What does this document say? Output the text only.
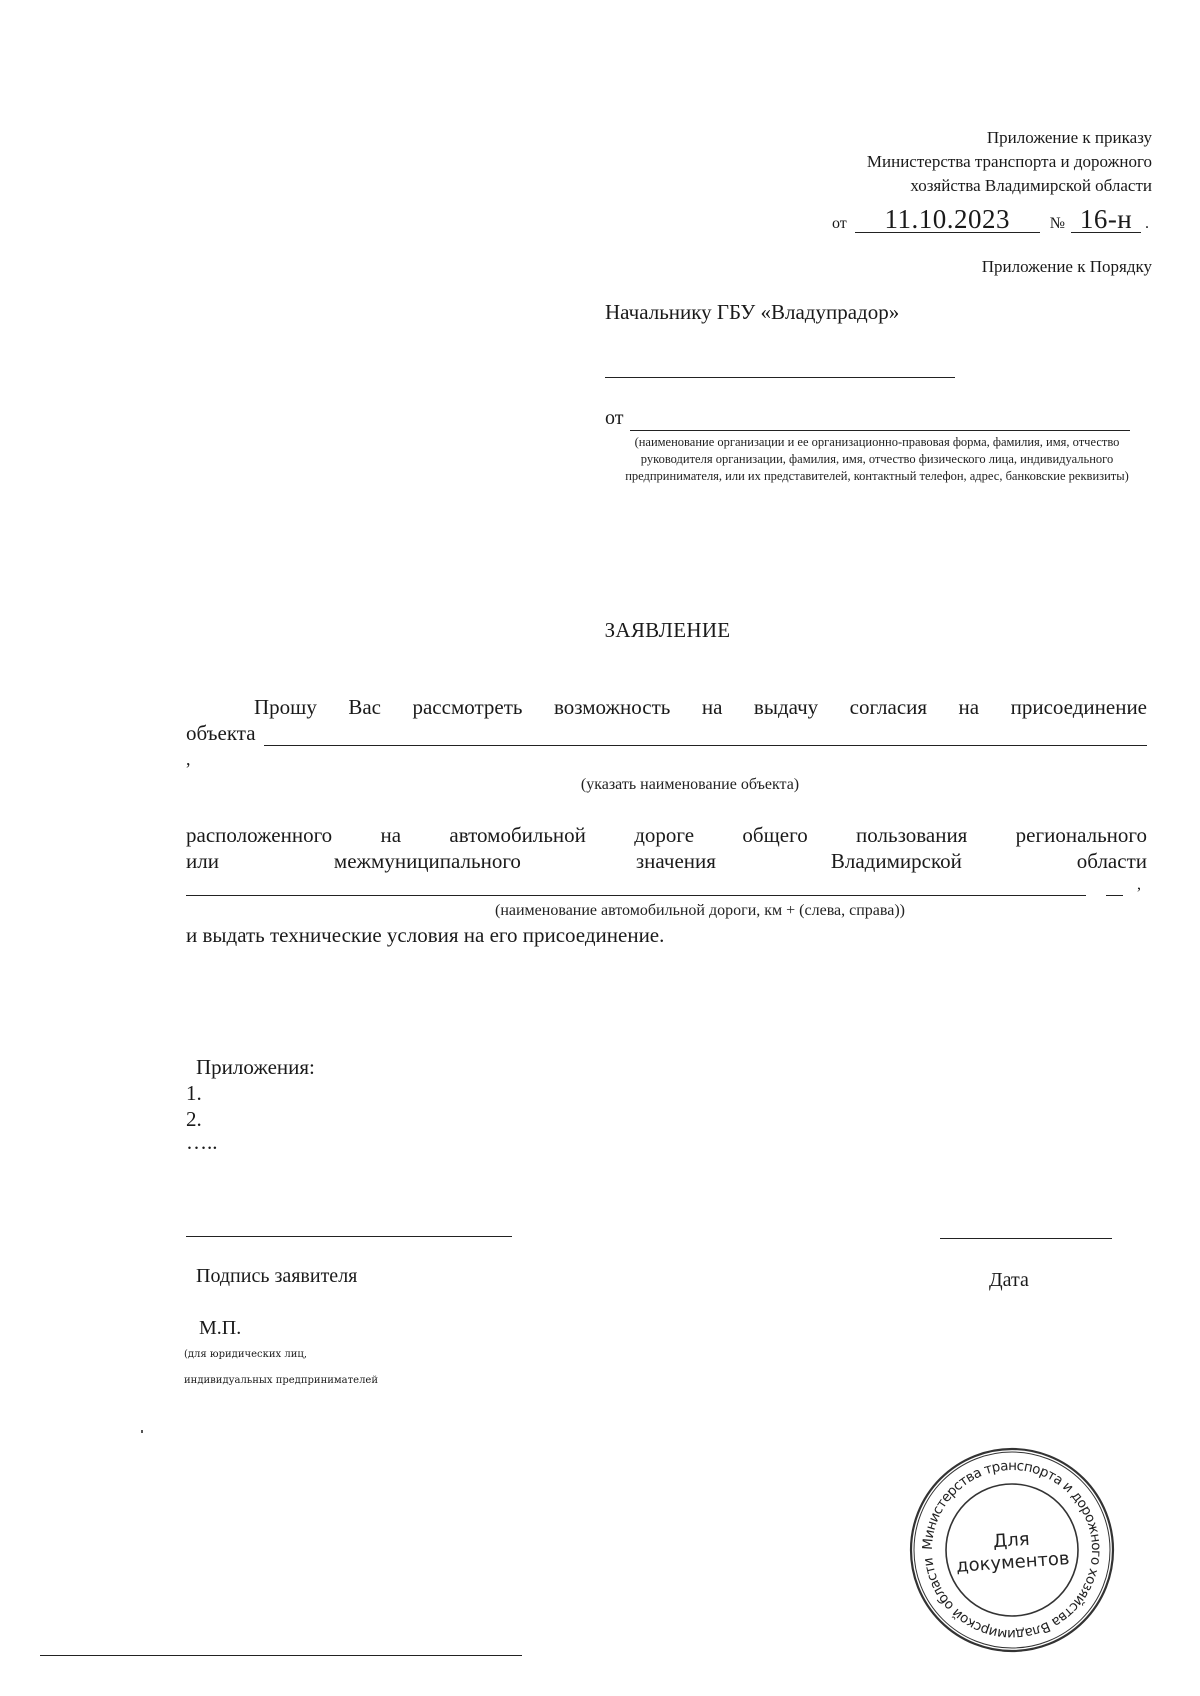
Приложение к приказу
Министерства транспорта и дорожного
хозяйства Владимирской области
от 11.10.2023 № 16-н .
Приложение к Порядку
Начальнику ГБУ «Владупрадор»
от
(наименование организации и ее организационно-правовая форма, фамилия, имя, отчество руководителя организации, фамилия, имя, отчество физического лица, индивидуального предпринимателя, или их представителей, контактный телефон, адрес, банковские реквизиты)
ЗАЯВЛЕНИЕ
Прошу Вас рассмотреть возможность на выдачу согласия на присоединение
объекта
,
(указать наименование объекта)
расположенного на автомобильной дороге общего пользования регионального
или межмуниципального значения Владимирской области
,
(наименование автомобильной дороги, км + (слева, справа))
и выдать технические условия на его присоединение.
Приложения:
1.
2.
…..
Подпись заявителя	Дата
М.П.
(для юридических лиц,
индивидуальных предпринимателей
Министерства транспорта и дорожного хозяйства Владимирской области
Для
документов
